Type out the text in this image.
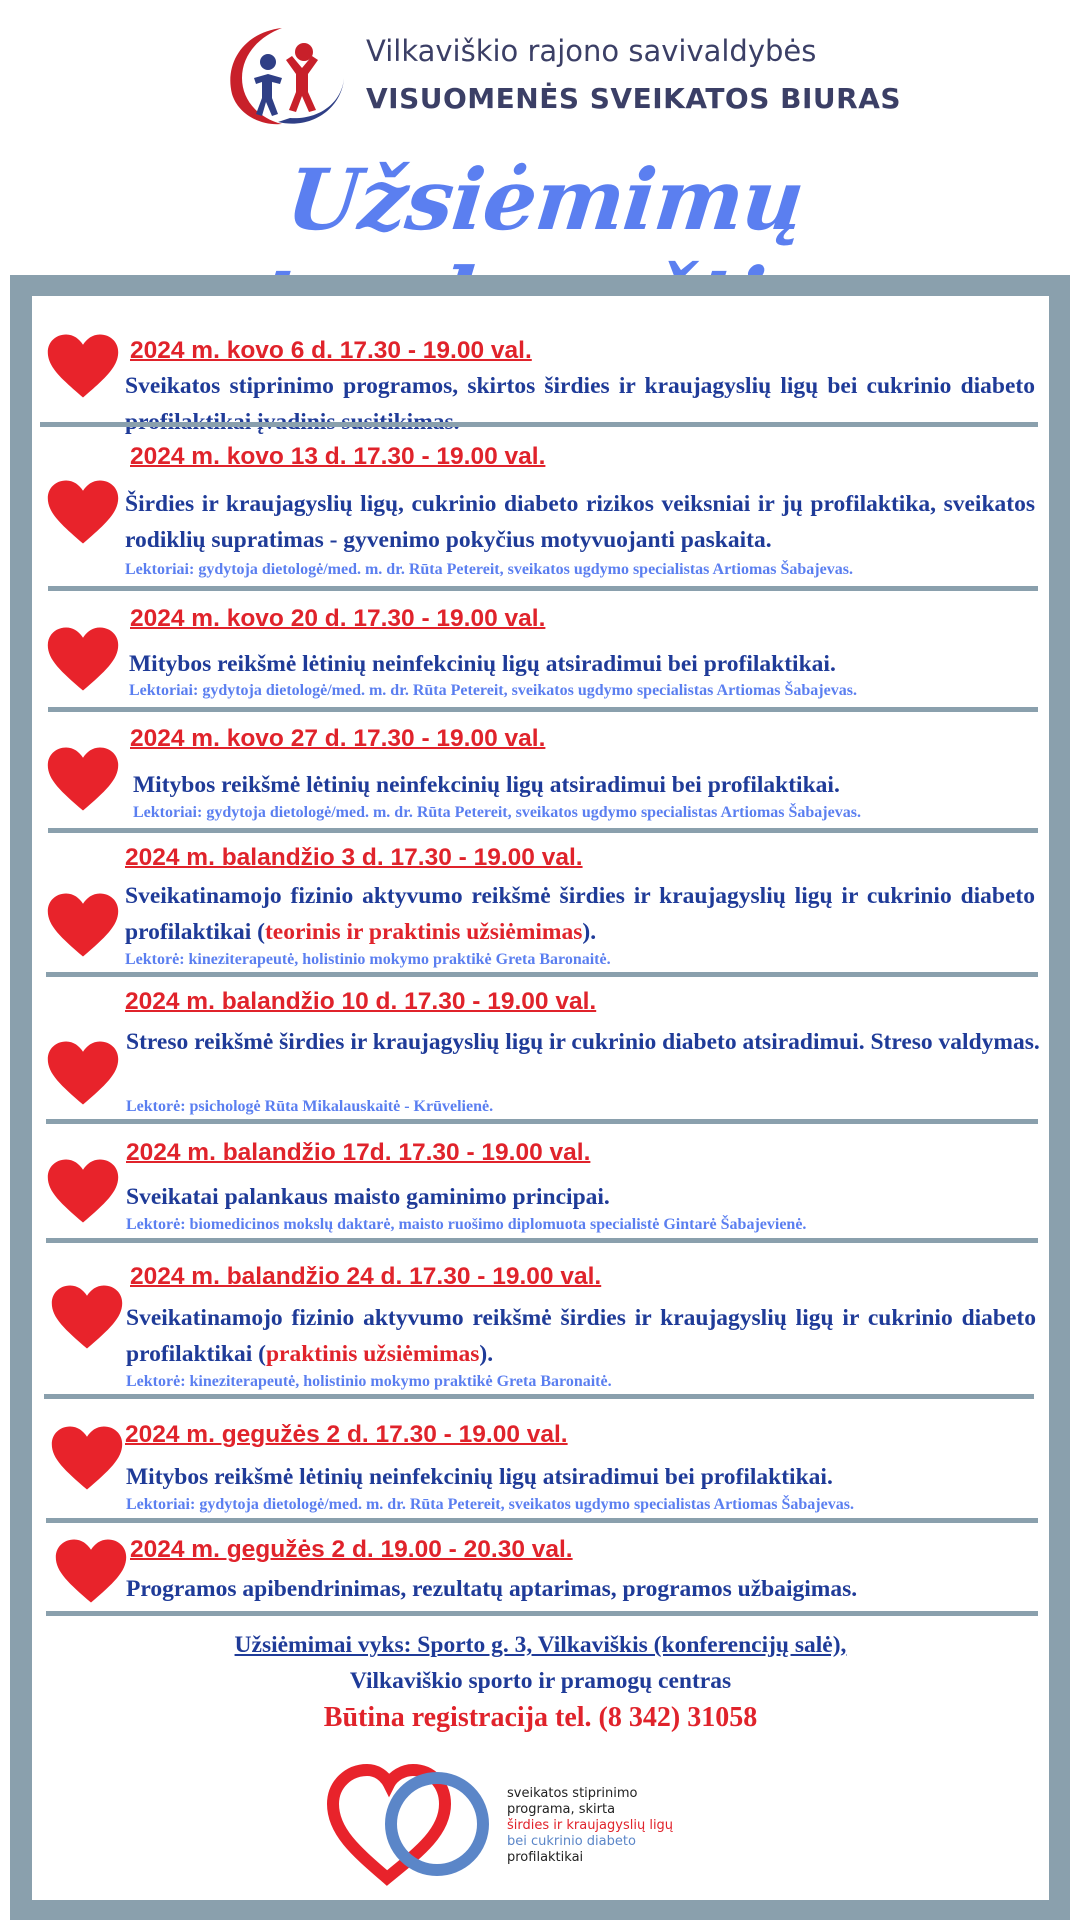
Vilkaviškio rajono savivaldybės
VISUOMENĖS SVEIKATOS BIURAS
Užsiėmimų
2024 m. kovo 6 d. 17.30 - 19.00 val.
Sveikatos stiprinimo programos, skirtos širdies ir kraujagyslių ligų bei cukrinio diabeto
2024 m. kovo 13 d. 17.30 - 19.00 val.
Širdies ir kraujagyslių ligų, cukrinio diabeto rizikos veiksniai ir jų profilaktika, sveikatos rodiklių supratimas - gyvenimo pokyčius motyvuojanti paskaita.
Lektoriai: gydytoja dietologė/med. m. dr. Rūta Petereit, sveikatos ugdymo specialistas Artiomas Šabajevas.
2024 m. kovo 20 d. 17.30 - 19.00 val.
Mitybos reikšmė lėtinių neinfekcinių ligų atsiradimui bei profilaktikai.
Lektoriai: gydytoja dietologė/med. m. dr. Rūta Petereit, sveikatos ugdymo specialistas Artiomas Šabajevas.
2024 m. kovo 27 d. 17.30 - 19.00 val.
Mitybos reikšmė lėtinių neinfekcinių ligų atsiradimui bei profilaktikai.
Lektoriai: gydytoja dietologė/med. m. dr. Rūta Petereit, sveikatos ugdymo specialistas Artiomas Šabajevas.
2024 m. balandžio 3 d. 17.30 - 19.00 val.
Sveikatinamojo fizinio aktyvumo reikšmė širdies ir kraujagyslių ligų ir cukrinio diabeto profilaktikai (teorinis ir praktinis užsiėmimas).
Lektorė: kineziterapeutė, holistinio mokymo praktikė Greta Baronaitė.
2024 m. balandžio 10 d. 17.30 - 19.00 val.
Streso reikšmė širdies ir kraujagyslių ligų ir cukrinio diabeto atsiradimui. Streso valdymas.
Lektorė: psichologė Rūta Mikalauskaitė - Krūvelienė.
2024 m. balandžio 17d. 17.30 - 19.00 val.
Sveikatai palankaus maisto gaminimo principai.
Lektorė: biomedicinos mokslų daktarė, maisto ruošimo diplomuota specialistė Gintarė Šabajevienė.
2024 m. balandžio 24 d. 17.30 - 19.00 val.
Sveikatinamojo fizinio aktyvumo reikšmė širdies ir kraujagyslių ligų ir cukrinio diabeto profilaktikai (praktinis užsiėmimas).
Lektorė: kineziterapeutė, holistinio mokymo praktikė Greta Baronaitė.
2024 m. gegužės 2 d. 17.30 - 19.00 val.
Mitybos reikšmė lėtinių neinfekcinių ligų atsiradimui bei profilaktikai.
Lektoriai: gydytoja dietologė/med. m. dr. Rūta Petereit, sveikatos ugdymo specialistas Artiomas Šabajevas.
2024 m. gegužės 2 d. 19.00 - 20.30 val.
Programos apibendrinimas, rezultatų aptarimas, programos užbaigimas.
Užsiėmimai vyks: Sporto g. 3, Vilkaviškis (konferencijų salė),
Vilkaviškio sporto ir pramogų centras
Būtina registracija tel. (8 342) 31058
sveikatos stiprinimo
programa, skirta
širdies ir kraujagyslių ligų
bei cukrinio diabeto
profilaktikai
